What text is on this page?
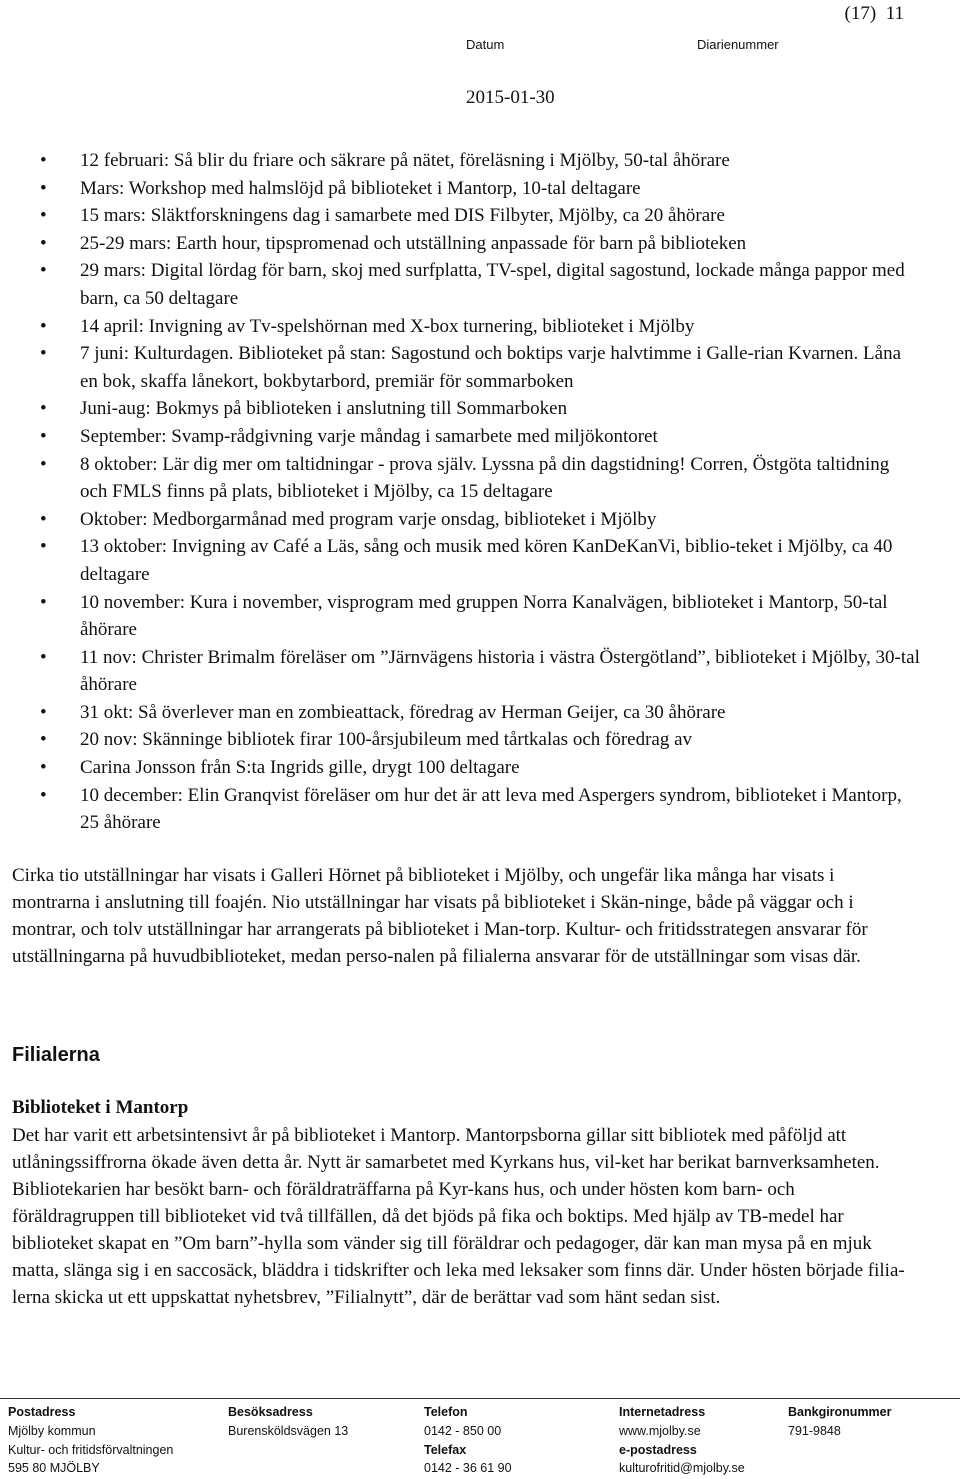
(17) 11
Datum	Diarienummer
2015-01-30
• 12 februari: Så blir du friare och säkrare på nätet, föreläsning i Mjölby, 50-tal åhörare
• Mars: Workshop med halmslöjd på biblioteket i Mantorp, 10-tal deltagare
• 15 mars: Släktforskningens dag i samarbete med DIS Filbyter, Mjölby, ca 20 åhörare
• 25-29 mars: Earth hour, tipspromenad och utställning anpassade för barn på biblioteken
• 29 mars: Digital lördag för barn, skoj med surfplatta, TV-spel, digital sagostund, lockade många pappor med barn, ca 50 deltagare
• 14 april: Invigning av Tv-spelshörnan med X-box turnering, biblioteket i Mjölby
• 7 juni: Kulturdagen. Biblioteket på stan: Sagostund och boktips varje halvtimme i Galle-rian Kvarnen. Låna en bok, skaffa lånekort, bokbytarbord, premiär för sommarboken
• Juni-aug: Bokmys på biblioteken i anslutning till Sommarboken
• September: Svamp-rådgivning varje måndag i samarbete med miljökontoret
• 8 oktober: Lär dig mer om taltidningar - prova själv. Lyssna på din dagstidning! Corren, Östgöta taltidning och FMLS finns på plats, biblioteket i Mjölby, ca 15 deltagare
• Oktober: Medborgarmånad med program varje onsdag, biblioteket i Mjölby
• 13 oktober: Invigning av Café a Läs, sång och musik med kören KanDeKanVi, biblio-teket i Mjölby, ca 40 deltagare
• 10 november: Kura i november, visprogram med gruppen Norra Kanalvägen, biblioteket i Mantorp, 50-tal åhörare
• 11 nov: Christer Brimalm föreläser om ”Järnvägens historia i västra Östergötland”, biblioteket i Mjölby, 30-tal åhörare
• 31 okt: Så överlever man en zombieattack, föredrag av Herman Geijer, ca 30 åhörare
• 20 nov: Skänninge bibliotek firar 100-årsjubileum med tårtkalas och föredrag av
• Carina Jonsson från S:ta Ingrids gille, drygt 100 deltagare
• 10 december: Elin Granqvist föreläser om hur det är att leva med Aspergers syndrom, biblioteket i Mantorp, 25 åhörare

Cirka tio utställningar har visats i Galleri Hörnet på biblioteket i Mjölby, och ungefär lika många har visats i montrarna i anslutning till foajén. Nio utställningar har visats på biblioteket i Skän-ninge, både på väggar och i montrar, och tolv utställningar har arrangerats på biblioteket i Man-torp. Kultur- och fritidsstrategen ansvarar för utställningarna på huvudbiblioteket, medan perso-nalen på filialerna ansvarar för de utställningar som visas där.

Filialerna
Biblioteket i Mantorp

Det har varit ett arbetsintensivt år på biblioteket i Mantorp. Mantorpsborna gillar sitt bibliotek med påföljd att utlåningssiffrorna ökade även detta år. Nytt är samarbetet med Kyrkans hus, vil-ket har berikat barnverksamheten. Bibliotekarien har besökt barn- och föräldraträffarna på Kyr-kans hus, och under hösten kom barn- och föräldragruppen till biblioteket vid två tillfällen, då det bjöds på fika och boktips. Med hjälp av TB-medel har biblioteket skapat en ”Om barn”-hylla som vänder sig till föräldrar och pedagoger, där kan man mysa på en mjuk matta, slänga sig i en saccosäck, bläddra i tidskrifter och leka med leksaker som finns där. Under hösten började filia-lerna skicka ut ett uppskattat nyhetsbrev, ”Filialnytt”, där de berättar vad som hänt sedan sist.

Postadress
Mjölby kommun
Kultur- och fritidsförvaltningen
595 80 MJÖLBY
Besöksadress
Burensköldsvägen 13
Telefon
0142 - 850 00
Telefax
0142 - 36 61 90
Internetadress
www.mjolby.se
e-postadress
kulturofritid@mjolby.se
Bankgironummer
791-9848
